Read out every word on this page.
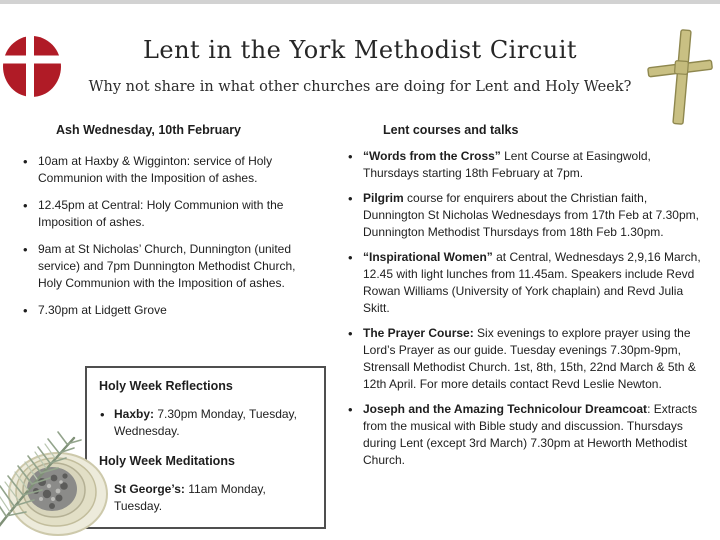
Lent in the York Methodist Circuit
Why not share in what other churches are doing for Lent and Holy Week?
Ash Wednesday, 10th February
• 10am at Haxby & Wigginton: service of Holy Communion with the Imposition of ashes.
• 12.45pm at Central: Holy Communion with the Imposition of ashes.
• 9am at St Nicholas’ Church, Dunnington (united service) and 7pm Dunnington Methodist Church, Holy Communion with the Imposition of ashes.
• 7.30pm at Lidgett Grove
Lent courses and talks
• “Words from the Cross” Lent Course at Easingwold, Thursdays starting 18th February at 7pm.
• Pilgrim course for enquirers about the Christian faith, Dunnington St Nicholas Wednesdays from 17th Feb at 7.30pm, Dunnington Methodist Thursdays from 18th Feb 1.30pm.
• “Inspirational Women” at Central, Wednesdays 2,9,16 March, 12.45 with light lunches from 11.45am. Speakers include Revd Rowan Williams (University of York chaplain) and Revd Julia Skitt.
• The Prayer Course: Six evenings to explore prayer using the Lord’s Prayer as our guide. Tuesday evenings 7.30pm-9pm, Strensall Methodist Church. 1st, 8th, 15th, 22nd March & 5th & 12th April. For more details contact Revd Leslie Newton.
• Joseph and the Amazing Technicolour Dreamcoat: Extracts from the musical with Bible study and discussion. Thursdays during Lent (except 3rd March) 7.30pm at Heworth Methodist Church.
Holy Week Reflections
• Haxby: 7.30pm Monday, Tuesday, Wednesday.
Holy Week Meditations
• St George’s: 11am Monday, Tuesday.
